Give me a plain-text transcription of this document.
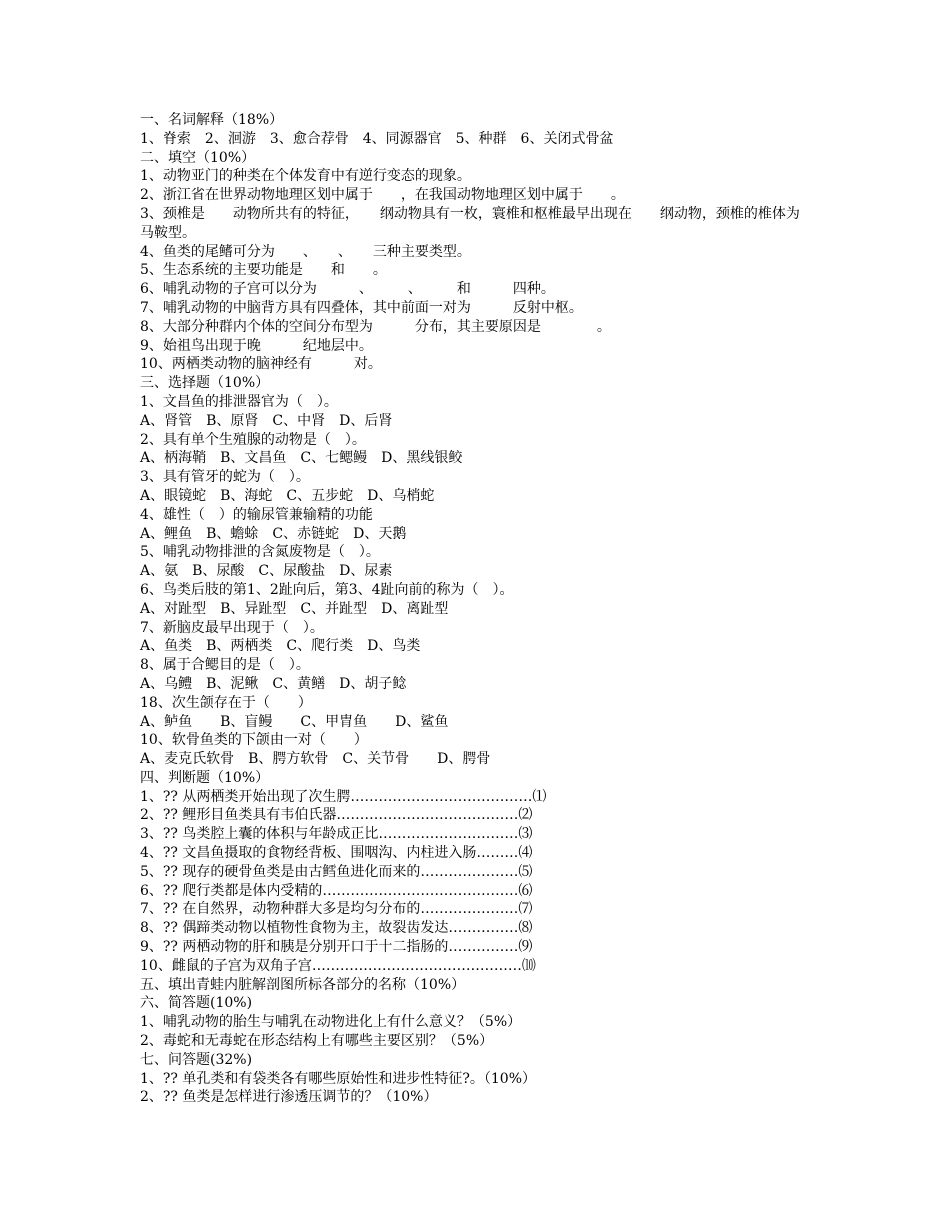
一、名词解释（18%）
1、脊索　2、洄游　3、愈合荐骨　4、同源器官　5、种群　6、关闭式骨盆
二、填空（10%）
1、动物亚门的种类在个体发育中有逆行变态的现象。
2、浙江省在世界动物地理区划中属于　　，在我国动物地理区划中属于　　。
3、颈椎是　　动物所共有的特征，　　纲动物具有一枚，寰椎和枢椎最早出现在　　纲动物，颈椎的椎体为马鞍型。
4、鱼类的尾鳍可分为　　、　　、　　三种主要类型。
5、生态系统的主要功能是　　和　　。
6、哺乳动物的子宫可以分为　　　、　　　、　　　和　　　四种。
7、哺乳动物的中脑背方具有四叠体，其中前面一对为　　　反射中枢。
8、大部分种群内个体的空间分布型为　　　分布，其主要原因是　　　　。
9、始祖鸟出现于晚　　　纪地层中。
10、两栖类动物的脑神经有　　　对。
三、选择题（10%）
1、文昌鱼的排泄器官为（　）。
A、肾管　B、原肾　C、中肾　D、后肾
2、具有单个生殖腺的动物是（　）。
A、柄海鞘　B、文昌鱼　C、七鳃鳗　D、黑线银鲛
3、具有管牙的蛇为（　）。
A、眼镜蛇　B、海蛇　C、五步蛇　D、乌梢蛇
4、雄性（　）的输尿管兼输精的功能
A、鲤鱼　B、蟾蜍　C、赤链蛇　D、天鹅
5、哺乳动物排泄的含氮废物是（　）。
A、氨　B、尿酸　C、尿酸盐　D、尿素
6、鸟类后肢的第1、2趾向后，第3、4趾向前的称为（　）。
A、对趾型　B、异趾型　C、并趾型　D、离趾型
7、新脑皮最早出现于（　）。
A、鱼类　B、两栖类　C、爬行类　D、鸟类
8、属于合鳃目的是（　）。
A、乌鳢　B、泥鳅　C、黄鳝　D、胡子鲶
18、次生颌存在于（　　）
A、鲈鱼　　B、盲鳗　　C、甲胄鱼　　D、鲨鱼
10、软骨鱼类的下颌由一对（　　）
A、麦克氏软骨　B、腭方软骨　C、关节骨　　D、腭骨
四、判断题（10%）
1、?? 从两栖类开始出现了次生腭…………………………………⑴
2、?? 鲤形目鱼类具有韦伯氏器…………………………………⑵
3、?? 鸟类腔上囊的体积与年龄成正比…………………………⑶
4、?? 文昌鱼摄取的食物经背板、围咽沟、内柱进入肠………⑷
5、?? 现存的硬骨鱼类是由古鳕鱼进化而来的…………………⑸
6、?? 爬行类都是体内受精的……………………………………⑹
7、?? 在自然界，动物种群大多是均匀分布的…………………⑺
8、?? 偶蹄类动物以植物性食物为主，故裂齿发达……………⑻
9、?? 两栖动物的肝和胰是分别开口于十二指肠的……………⑼
10、雌鼠的子宫为双角子宫………………………………………⑽
五、填出青蛙内脏解剖图所标各部分的名称（10%）
六、简答题(10%)
1、哺乳动物的胎生与哺乳在动物进化上有什么意义？（5%）
2、毒蛇和无毒蛇在形态结构上有哪些主要区别？（5%）
七、问答题(32%)
1、?? 单孔类和有袋类各有哪些原始性和进步性特征?。（10%）
2、?? 鱼类是怎样进行渗透压调节的？（10%）
